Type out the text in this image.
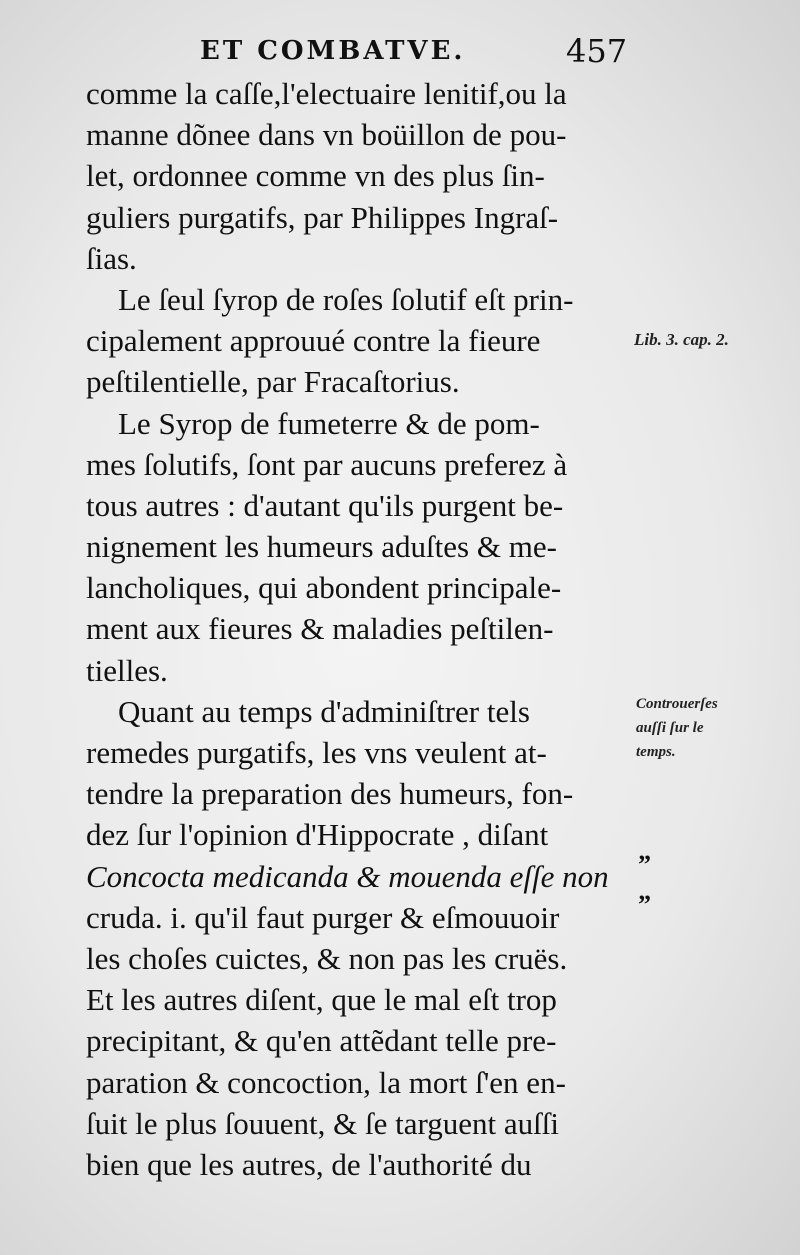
ET COMBATVE.	457
comme la caſſe,l'electuaire lenitif,ou la
manne dõnee dans vn boüillon de pou-
let, ordonnee comme vn des plus ſin-
guliers purgatifs, par Philippes Ingraſ-
ſias.
Le ſeul ſyrop de roſes ſolutif eſt prin-
cipalement approuué contre la fieure
peſtilentielle, par Fracaſtorius.
Le Syrop de fumeterre & de pom-
mes ſolutifs, ſont par aucuns preferez à
tous autres : d'autant qu'ils purgent be-
nignement les humeurs aduſtes & me-
lancholiques, qui abondent principale-
ment aux fieures & maladies peſtilen-
tielles.
Quant au temps d'adminiſtrer tels
remedes purgatifs, les vns veulent at-
tendre la preparation des humeurs, fon-
dez ſur l'opinion d'Hippocrate , diſant
Concocta medicanda & mouenda eſſe non
cruda. i. qu'il faut purger & eſmouuoir
les choſes cuictes, & non pas les cruës.
Et les autres diſent, que le mal eſt trop
precipitant, & qu'en attẽdant telle pre-
paration & concoction, la mort ſ'en en-
ſuit le plus ſouuent, & ſe targuent auſſi
bien que les autres, de l'authorité du
Lib. 3. cap. 2.
Controuerſes
auſſi ſur le
temps.
”
”
